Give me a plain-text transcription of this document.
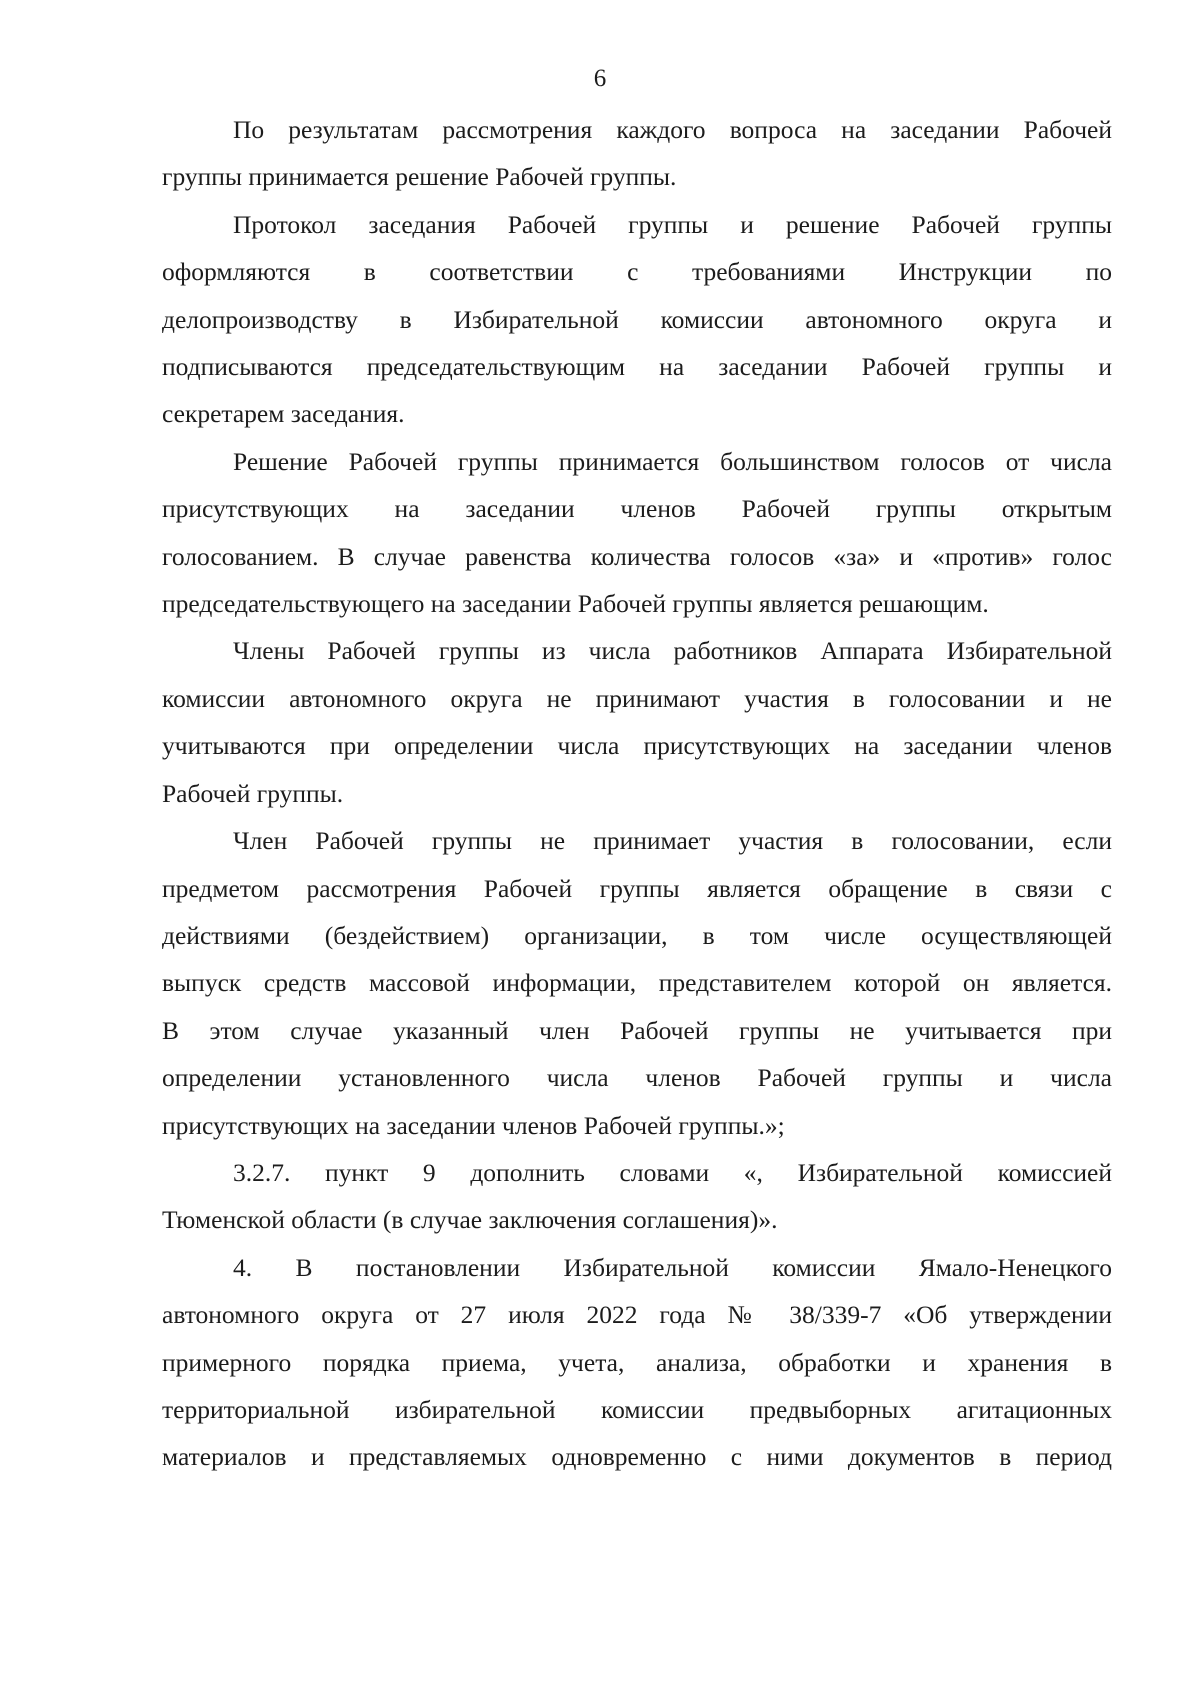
6
По результатам рассмотрения каждого вопроса на заседании Рабочей
группы принимается решение Рабочей группы.
Протокол заседания Рабочей группы и решение Рабочей группы
оформляются в соответствии с требованиями Инструкции по
делопроизводству в Избирательной комиссии автономного округа и
подписываются председательствующим на заседании Рабочей группы и
секретарем заседания.
Решение Рабочей группы принимается большинством голосов от числа
присутствующих на заседании членов Рабочей группы открытым
голосованием. В случае равенства количества голосов «за» и «против» голос
председательствующего на заседании Рабочей группы является решающим.
Члены Рабочей группы из числа работников Аппарата Избирательной
комиссии автономного округа не принимают участия в голосовании и не
учитываются при определении числа присутствующих на заседании членов
Рабочей группы.
Член Рабочей группы не принимает участия в голосовании, если
предметом рассмотрения Рабочей группы является обращение в связи с
действиями (бездействием) организации, в том числе осуществляющей
выпуск средств массовой информации, представителем которой он является.
В этом случае указанный член Рабочей группы не учитывается при
определении установленного числа членов Рабочей группы и числа
присутствующих на заседании членов Рабочей группы.»;
3.2.7. пункт 9 дополнить словами «, Избирательной комиссией
Тюменской области (в случае заключения соглашения)».
4. В постановлении Избирательной комиссии Ямало-Ненецкого
автономного округа от 27 июля 2022 года № 38/339-7 «Об утверждении
примерного порядка приема, учета, анализа, обработки и хранения в
территориальной избирательной комиссии предвыборных агитационных
материалов и представляемых одновременно с ними документов в период
